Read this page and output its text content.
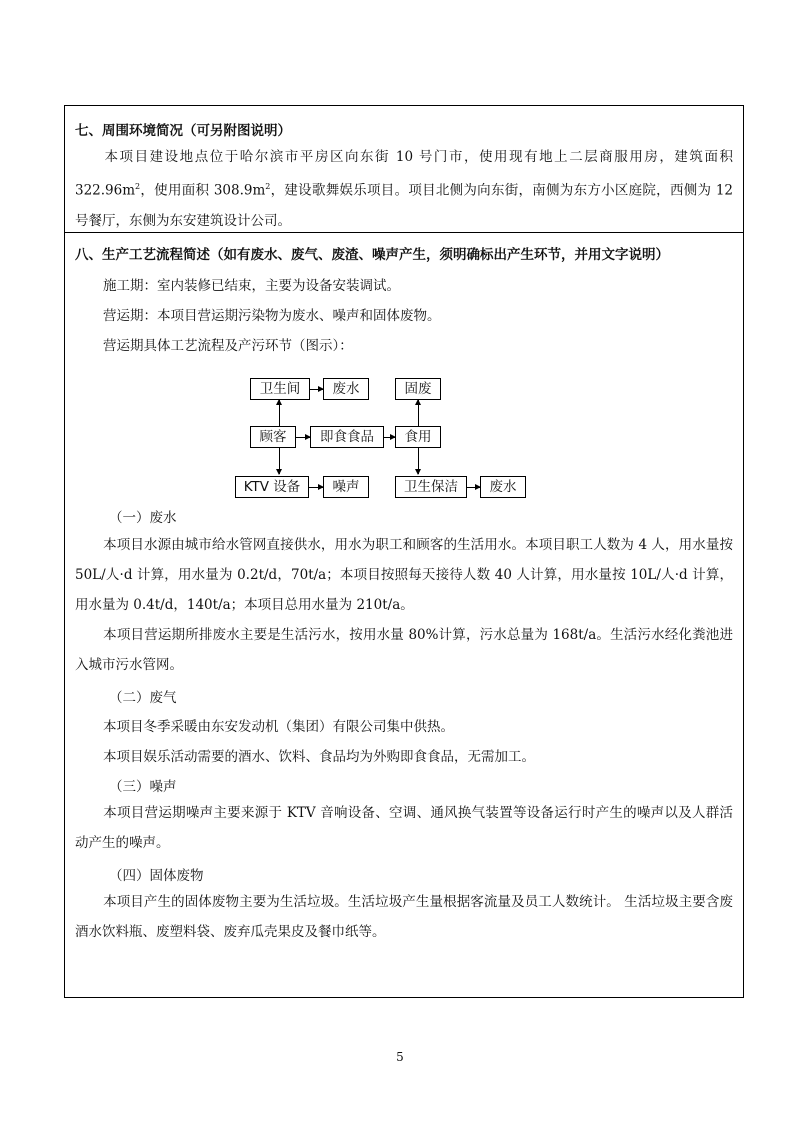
七、周围环境简况（可另附图说明）
本项目建设地点位于哈尔滨市平房区向东街 10 号门市，使用现有地上二层商服用房，建筑面积 $322.96m^2$，使用面积 $308.9m^2$，建设歌舞娱乐项目。项目北侧为向东街，南侧为东方小区庭院，西侧为 12 号餐厅，东侧为东安建筑设计公司。
八、生产工艺流程简述（如有废水、废气、废渣、噪声产生，须明确标出产生环节，并用文字说明）
施工期：室内装修已结束，主要为设备安装调试。
营运期：本项目营运期污染物为废水、噪声和固体废物。
营运期具体工艺流程及产污环节（图示）：
卫生间	废水	固废
顾客	即食食品	食用
KTV 设备	噪声	卫生保洁	废水
（一）废水
本项目水源由城市给水管网直接供水，用水为职工和顾客的生活用水。本项目职工人数为 4 人，用水量按 50L/人·d 计算，用水量为 0.2t/d，70t/a；本项目按照每天接待人数 40 人计算，用水量按 10L/人·d 计算，用水量为 0.4t/d，140t/a；本项目总用水量为 210t/a。
本项目营运期所排废水主要是生活污水，按用水量 80%计算，污水总量为 168t/a。生活污水经化粪池进入城市污水管网。
（二）废气
本项目冬季采暖由东安发动机（集团）有限公司集中供热。
本项目娱乐活动需要的酒水、饮料、食品均为外购即食食品，无需加工。
（三）噪声
本项目营运期噪声主要来源于 KTV 音响设备、空调、通风换气装置等设备运行时产生的噪声以及人群活动产生的噪声。
（四）固体废物
本项目产生的固体废物主要为生活垃圾。生活垃圾产生量根据客流量及员工人数统计。 生活垃圾主要含废酒水饮料瓶、废塑料袋、废弃瓜壳果皮及餐巾纸等。
5
